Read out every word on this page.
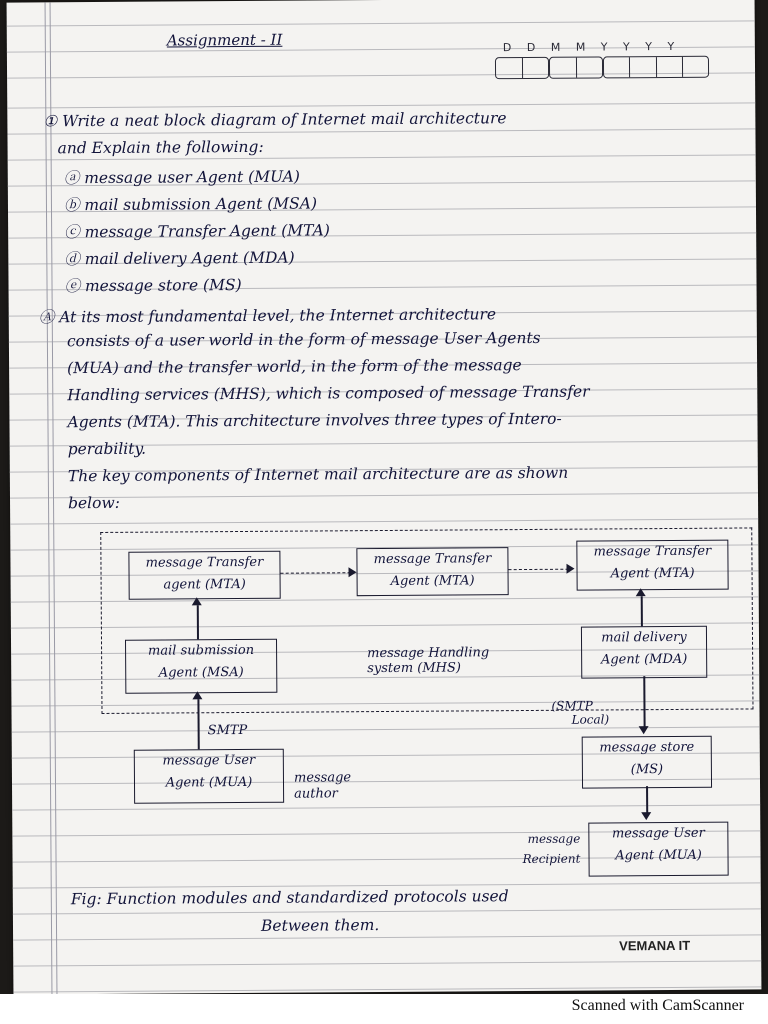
Assignment - II	D D M M Y Y Y Y
① Write a neat block diagram of Internet mail architecture
and Explain the following:
ⓐ message user Agent (MUA)
ⓑ mail submission Agent (MSA)
ⓒ message Transfer Agent (MTA)
ⓓ mail delivery Agent (MDA)
ⓔ message store (MS)
Ⓐ At its most fundamental level, the Internet architecture
consists of a user world in the form of message User Agents
(MUA) and the transfer world, in the form of the message
Handling services (MHS), which is composed of message Transfer
Agents (MTA). This architecture involves three types of Intero-
perability.
The key components of Internet mail architecture are as shown
below:
message Transfer
agent (MTA)
message Transfer
Agent (MTA)
message Transfer
Agent (MTA)
mail submission
Agent (MSA)
message Handling
system (MHS)
mail delivery
Agent (MDA)
SMTP
(SMTP
Local)
message User
Agent (MUA)	message
author
message store
(MS)
message User
Agent (MUA)
message
Recipient
Fig: Function modules and standardized protocols used
Between them.
VEMANA IT
Scanned with CamScanner
